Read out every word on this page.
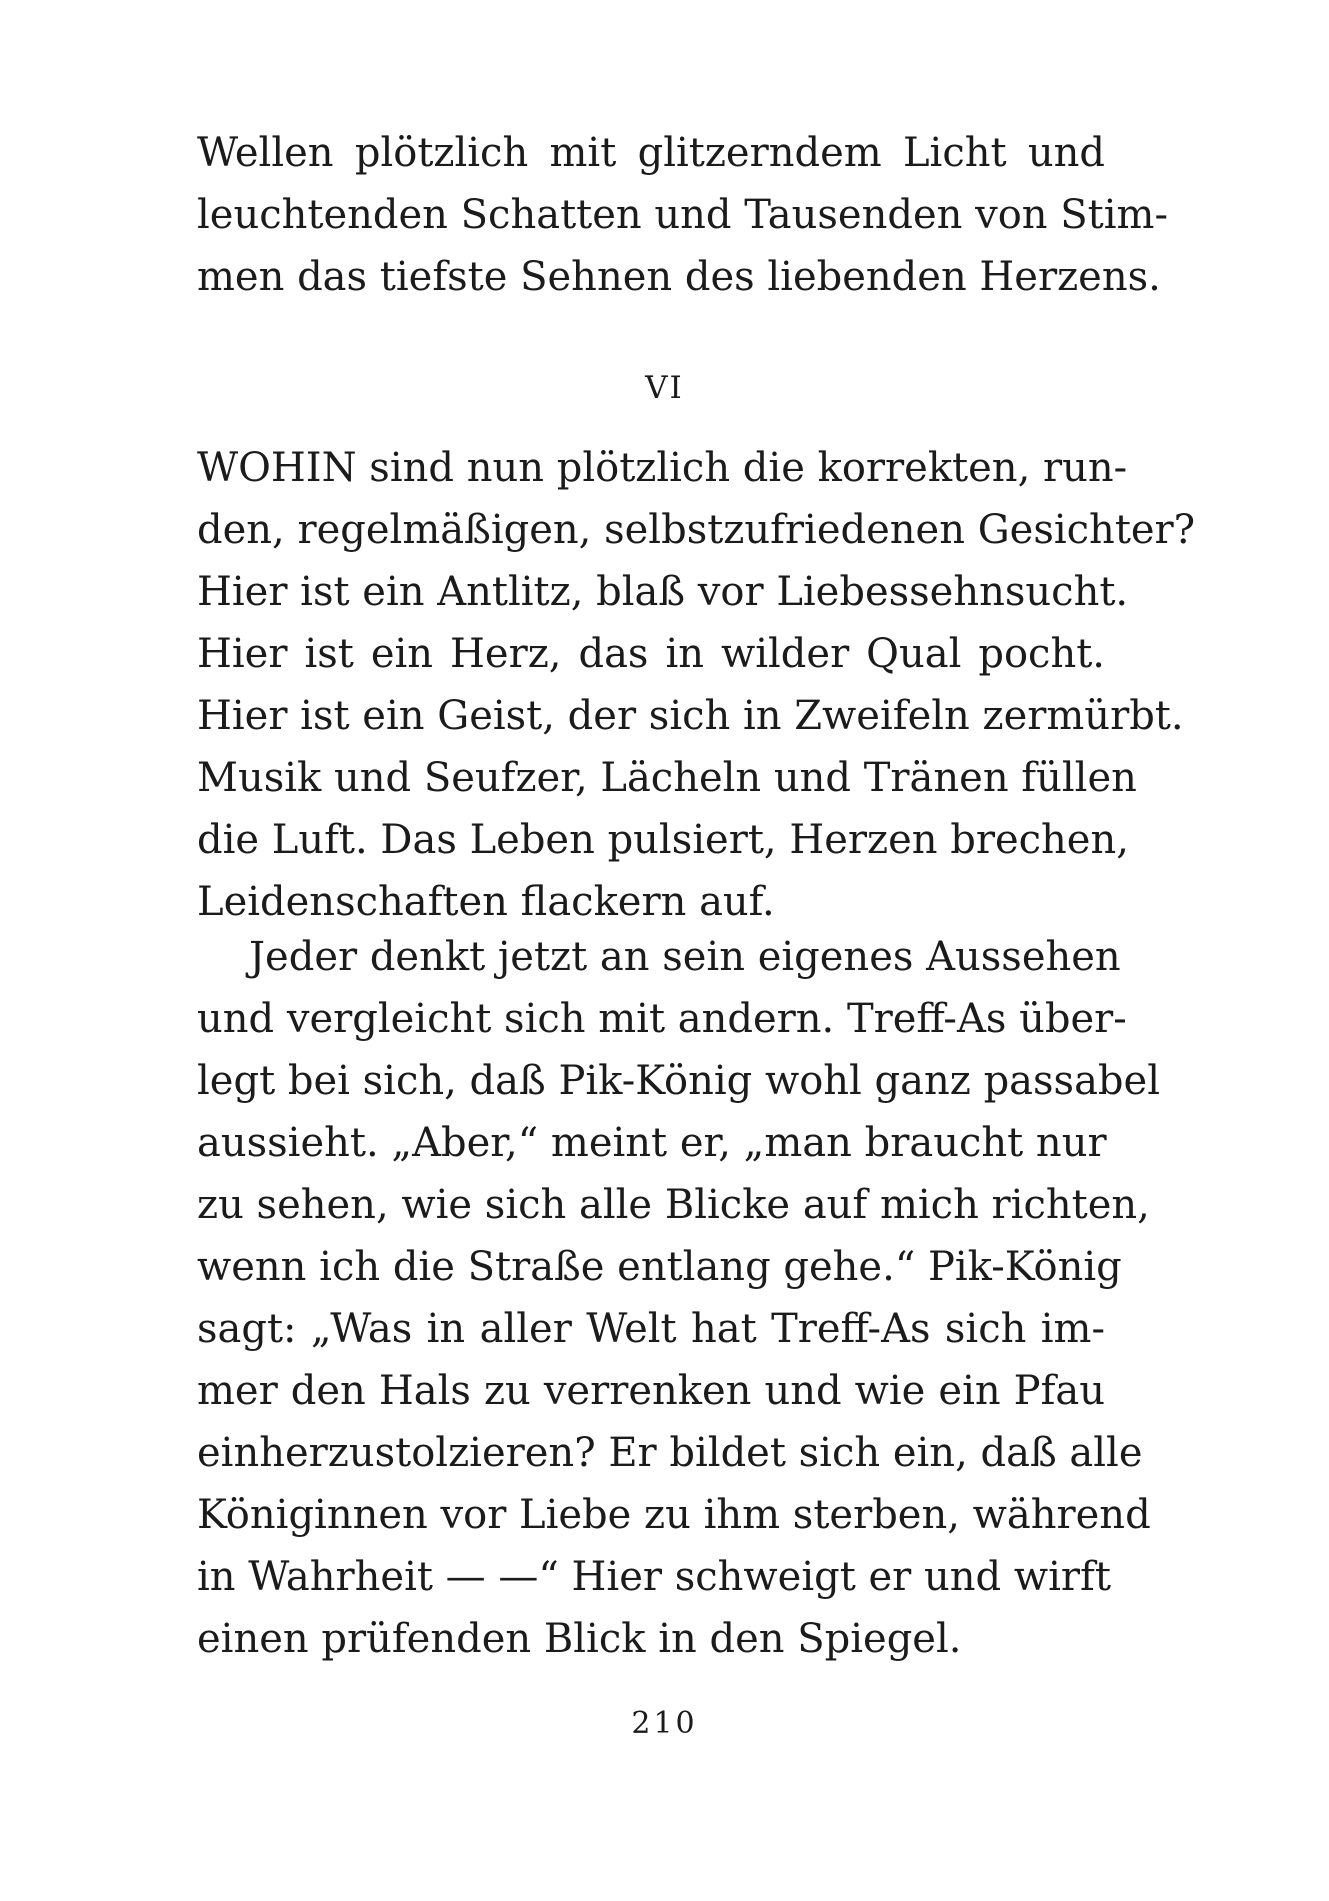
Wellen plötzlich mit glitzerndem Licht und
leuchtenden Schatten und Tausenden von Stim-
men das tiefste Sehnen des liebenden Herzens.
VI
WOHIN sind nun plötzlich die korrekten, run-
den, regelmäßigen, selbstzufriedenen Gesichter?
Hier ist ein Antlitz, blaß vor Liebessehnsucht.
Hier ist ein Herz, das in wilder Qual pocht.
Hier ist ein Geist, der sich in Zweifeln zermürbt.
Musik und Seufzer, Lächeln und Tränen füllen
die Luft. Das Leben pulsiert, Herzen brechen,
Leidenschaften flackern auf.
Jeder denkt jetzt an sein eigenes Aussehen
und vergleicht sich mit andern. Treff-As über-
legt bei sich, daß Pik-König wohl ganz passabel
aussieht. „Aber,“ meint er, „man braucht nur
zu sehen, wie sich alle Blicke auf mich richten,
wenn ich die Straße entlang gehe.“ Pik-König
sagt: „Was in aller Welt hat Treff-As sich im-
mer den Hals zu verrenken und wie ein Pfau
einherzustolzieren? Er bildet sich ein, daß alle
Königinnen vor Liebe zu ihm sterben, während
in Wahrheit — —“ Hier schweigt er und wirft
einen prüfenden Blick in den Spiegel.
210
